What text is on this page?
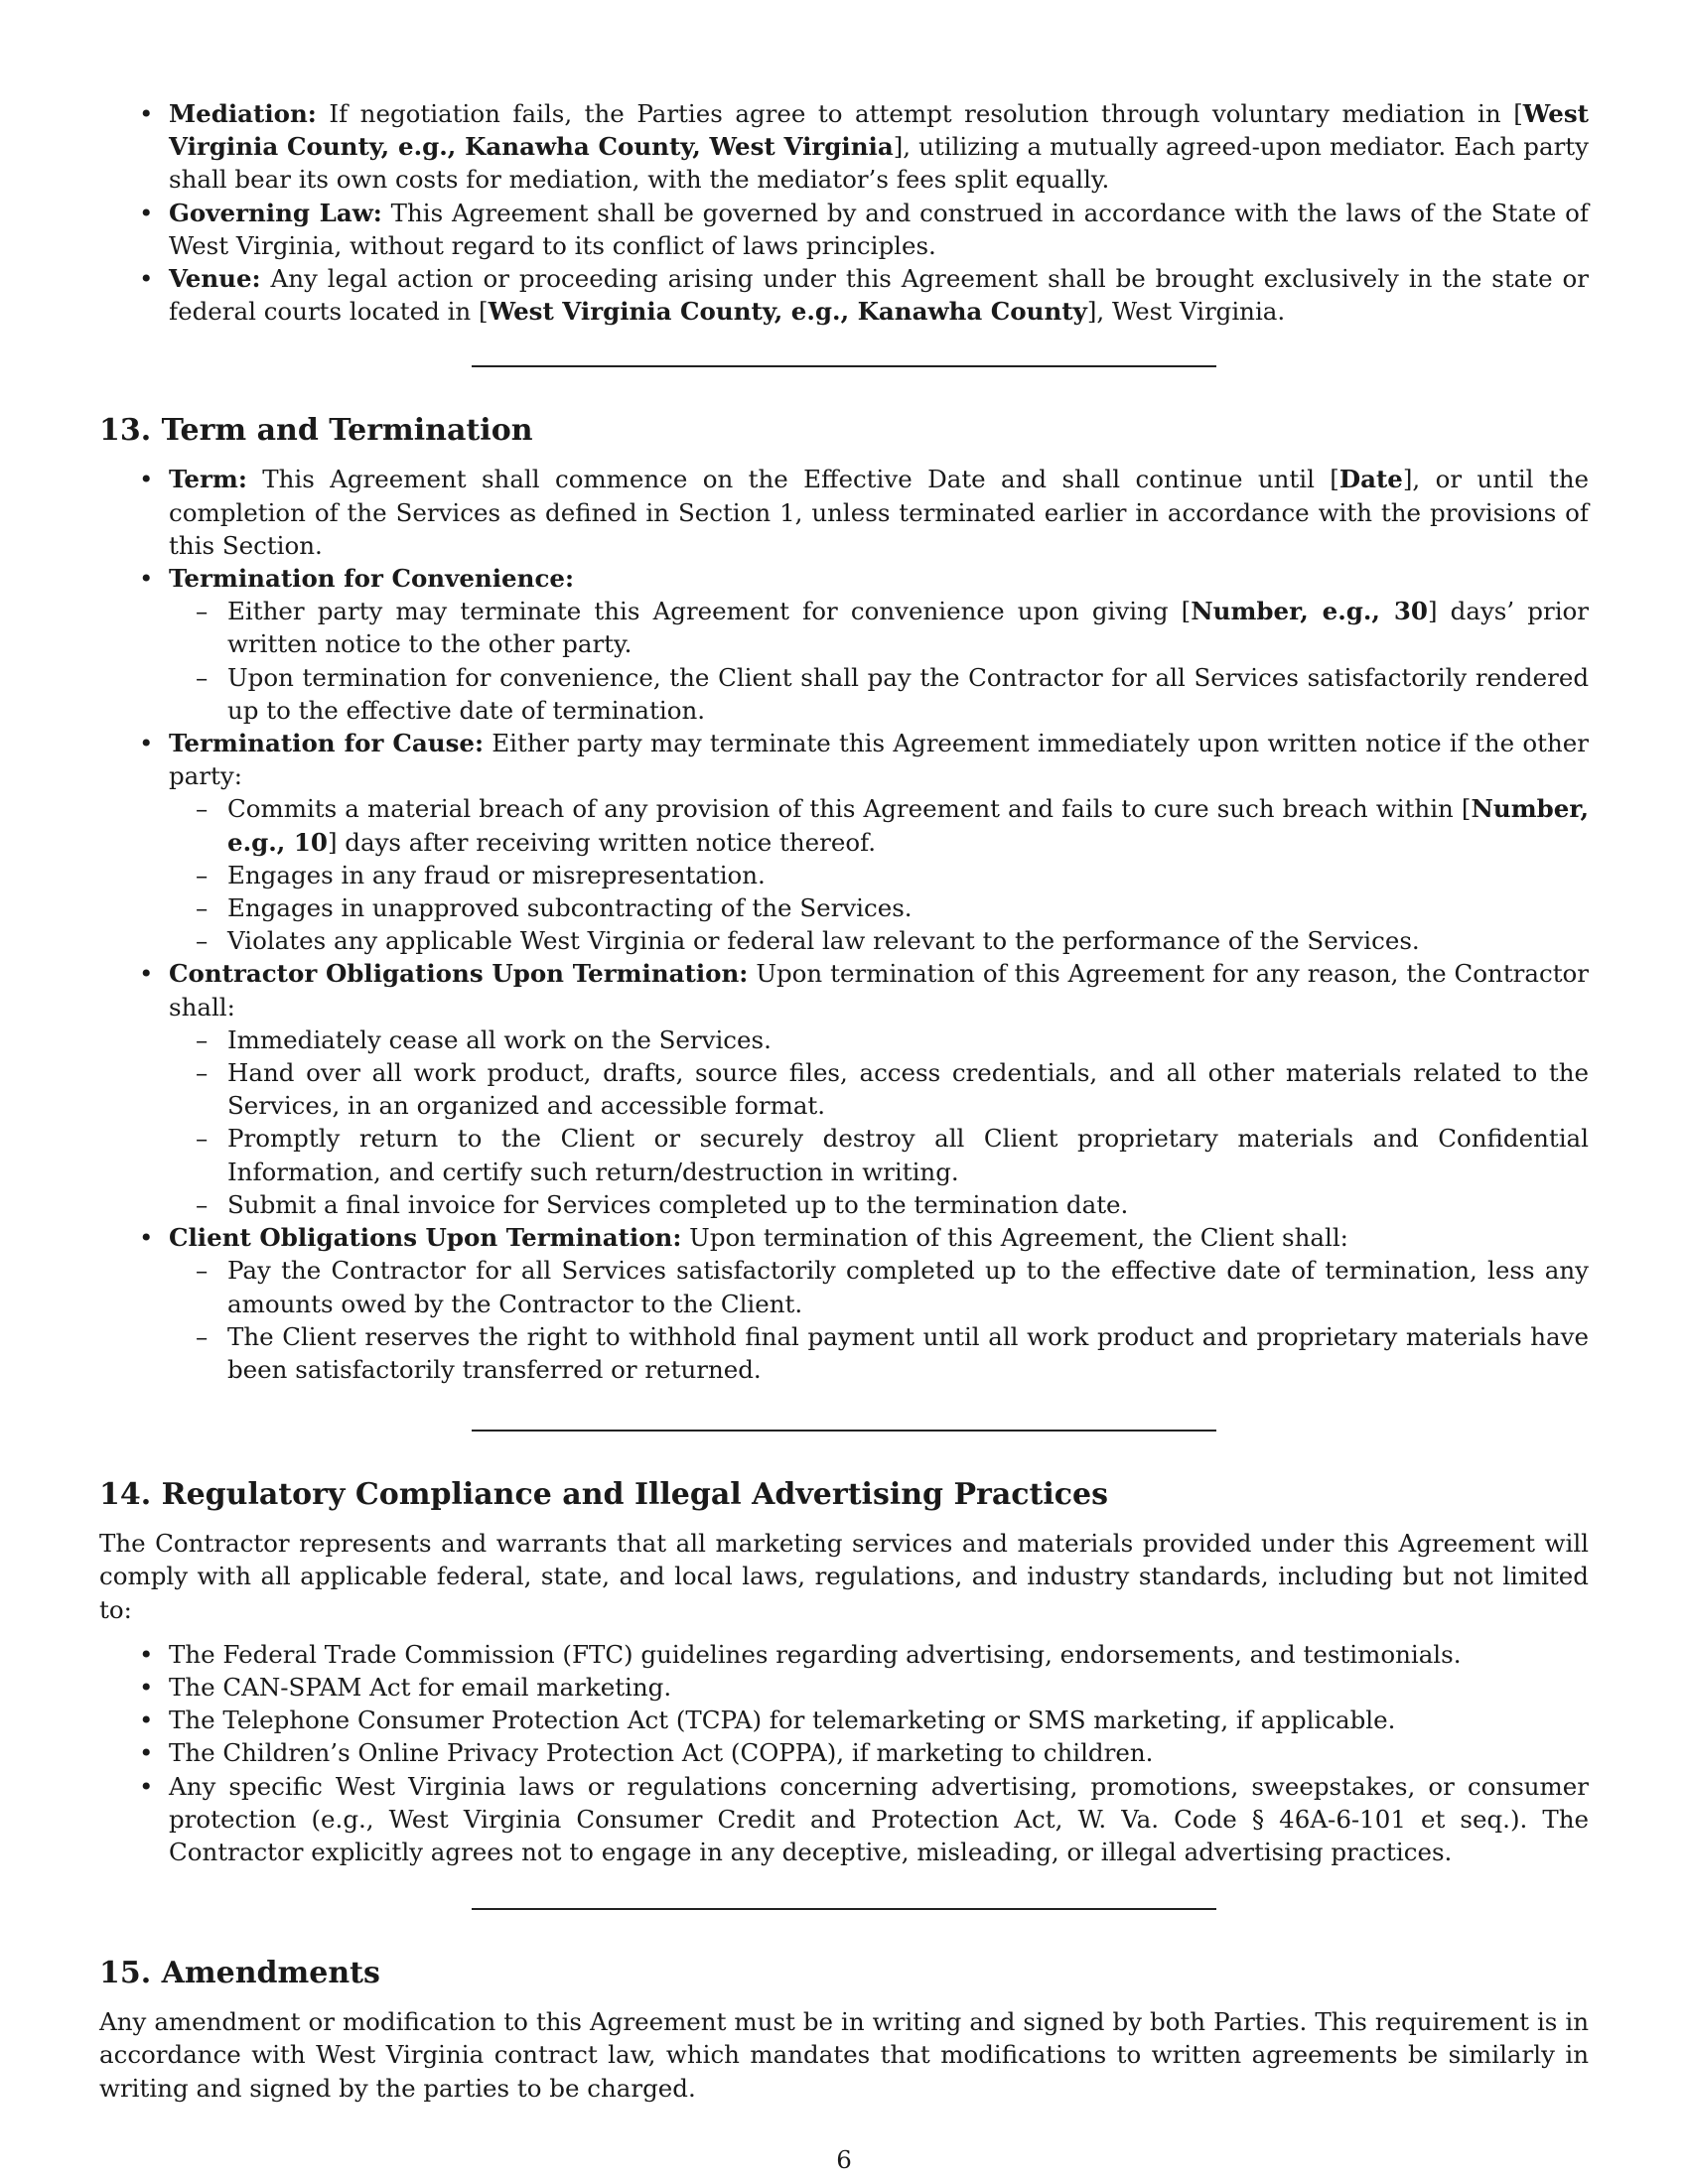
• Mediation: If negotiation fails, the Parties agree to attempt resolution through voluntary mediation in [West Virginia County, e.g., Kanawha County, West Virginia], utilizing a mutually agreed-upon mediator. Each party shall bear its own costs for mediation, with the mediator’s fees split equally.
• Governing Law: This Agreement shall be governed by and construed in accordance with the laws of the State of West Virginia, without regard to its conflict of laws principles.
• Venue: Any legal action or proceeding arising under this Agreement shall be brought exclusively in the state or federal courts located in [West Virginia County, e.g., Kanawha County], West Virginia.
13. Term and Termination
• Term: This Agreement shall commence on the Effective Date and shall continue until [Date], or until the completion of the Services as defined in Section 1, unless terminated earlier in accordance with the provisions of this Section.
• Termination for Convenience:
– Either party may terminate this Agreement for convenience upon giving [Number, e.g., 30] days’ prior written notice to the other party.
– Upon termination for convenience, the Client shall pay the Contractor for all Services satisfactorily rendered up to the effective date of termination.
• Termination for Cause: Either party may terminate this Agreement immediately upon written notice if the other party:
– Commits a material breach of any provision of this Agreement and fails to cure such breach within [Number, e.g., 10] days after receiving written notice thereof.
– Engages in any fraud or misrepresentation.
– Engages in unapproved subcontracting of the Services.
– Violates any applicable West Virginia or federal law relevant to the performance of the Services.
• Contractor Obligations Upon Termination: Upon termination of this Agreement for any reason, the Contractor shall:
– Immediately cease all work on the Services.
– Hand over all work product, drafts, source files, access credentials, and all other materials related to the Services, in an organized and accessible format.
– Promptly return to the Client or securely destroy all Client proprietary materials and Confidential Information, and certify such return/destruction in writing.
– Submit a final invoice for Services completed up to the termination date.
• Client Obligations Upon Termination: Upon termination of this Agreement, the Client shall:
– Pay the Contractor for all Services satisfactorily completed up to the effective date of termination, less any amounts owed by the Contractor to the Client.
– The Client reserves the right to withhold final payment until all work product and proprietary materials have been satisfactorily transferred or returned.
14. Regulatory Compliance and Illegal Advertising Practices

The Contractor represents and warrants that all marketing services and materials provided under this Agreement will comply with all applicable federal, state, and local laws, regulations, and industry standards, including but not limited to:

• The Federal Trade Commission (FTC) guidelines regarding advertising, endorsements, and testimonials.
• The CAN-SPAM Act for email marketing.
• The Telephone Consumer Protection Act (TCPA) for telemarketing or SMS marketing, if applicable.
• The Children’s Online Privacy Protection Act (COPPA), if marketing to children.
• Any specific West Virginia laws or regulations concerning advertising, promotions, sweepstakes, or consumer protection (e.g., West Virginia Consumer Credit and Protection Act, W. Va. Code § 46A-6-101 et seq.). The Contractor explicitly agrees not to engage in any deceptive, misleading, or illegal advertising practices.
15. Amendments

Any amendment or modification to this Agreement must be in writing and signed by both Parties. This requirement is in accordance with West Virginia contract law, which mandates that modifications to written agreements be similarly in writing and signed by the parties to be charged.

6
